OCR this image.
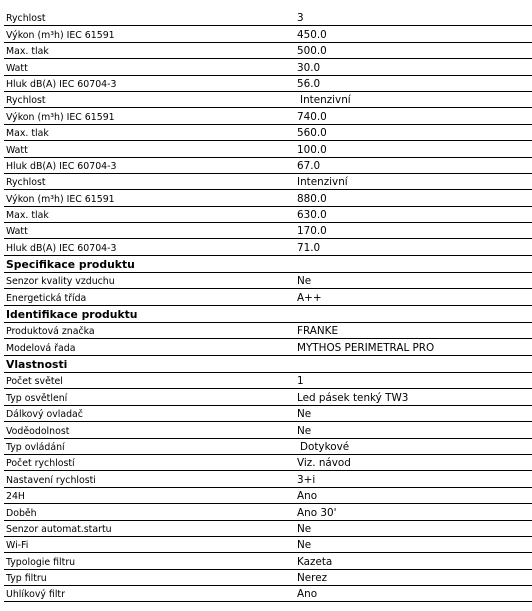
Rychlost	3
Výkon (m³h) IEC 61591	450.0
Max. tlak	500.0
Watt	30.0
Hluk dB(A) IEC 60704-3	56.0
Rychlost	Intenzivní
Výkon (m³h) IEC 61591	740.0
Max. tlak	560.0
Watt	100.0
Hluk dB(A) IEC 60704-3	67.0
Rychlost	Intenzivní
Výkon (m³h) IEC 61591	880.0
Max. tlak	630.0
Watt	170.0
Hluk dB(A) IEC 60704-3	71.0
Specifikace produktu
Senzor kvality vzduchu	Ne
Energetická třída	A++
Identifikace produktu
Produktová značka	FRANKE
Modelová řada	MYTHOS PERIMETRAL PRO
Vlastnosti
Počet světel	1
Typ osvětlení	Led pásek tenký TW3
Dálkový ovladač	Ne
Voděodolnost	Ne
Typ ovládání	Dotykové
Počet rychlostí	Viz. návod
Nastavení rychlosti	3+i
24H	Ano
Doběh	Ano 30'
Senzor automat.startu	Ne
Wi-Fi	Ne
Typologie filtru	Kazeta
Typ filtru	Nerez
Uhlíkový filtr	Ano
